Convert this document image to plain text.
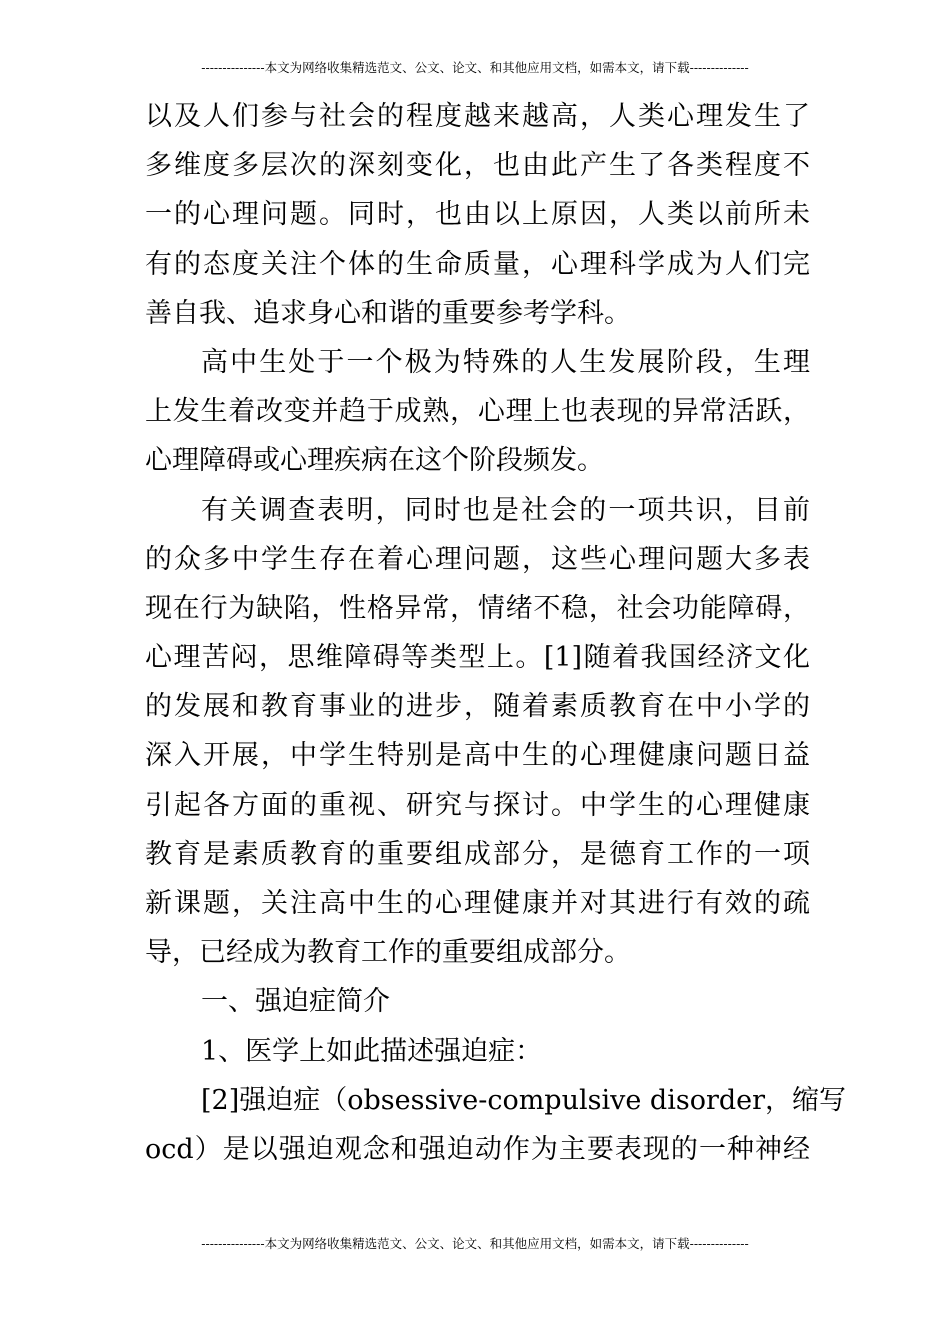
---------------本文为网络收集精选范文、公文、论文、和其他应用文档，如需本文，请下载--------------
以及人们参与社会的程度越来越高，人类心理发生了
多维度多层次的深刻变化，也由此产生了各类程度不
一的心理问题。同时，也由以上原因，人类以前所未
有的态度关注个体的生命质量，心理科学成为人们完
善自我、追求身心和谐的重要参考学科。
高中生处于一个极为特殊的人生发展阶段，生理
上发生着改变并趋于成熟，心理上也表现的异常活跃，
心理障碍或心理疾病在这个阶段频发。
有关调查表明，同时也是社会的一项共识，目前
的众多中学生存在着心理问题，这些心理问题大多表
现在行为缺陷，性格异常，情绪不稳，社会功能障碍，
心理苦闷，思维障碍等类型上。[1]随着我国经济文化
的发展和教育事业的进步，随着素质教育在中小学的
深入开展，中学生特别是高中生的心理健康问题日益
引起各方面的重视、研究与探讨。中学生的心理健康
教育是素质教育的重要组成部分，是德育工作的一项
新课题，关注高中生的心理健康并对其进行有效的疏
导，已经成为教育工作的重要组成部分。
一、强迫症简介
1、医学上如此描述强迫症：
[2]强迫症（obsessive-compulsive disorder，缩写
ocd）是以强迫观念和强迫动作为主要表现的一种神经
---------------本文为网络收集精选范文、公文、论文、和其他应用文档，如需本文，请下载--------------
